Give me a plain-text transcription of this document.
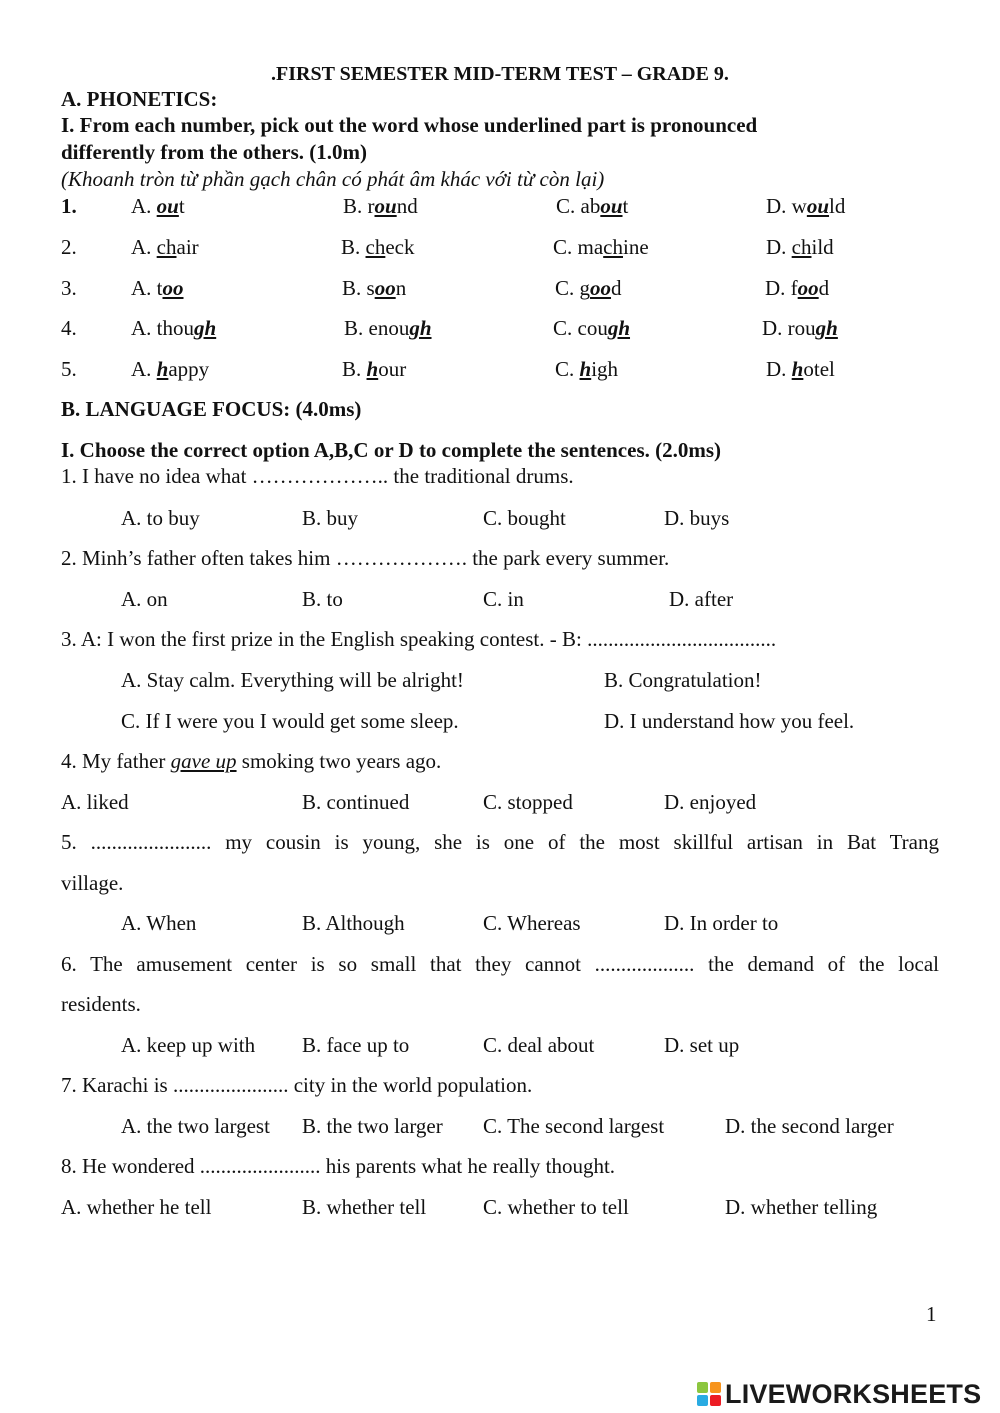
.FIRST SEMESTER MID-TERM TEST – GRADE 9.
A. PHONETICS:
I. From each number, pick out the word whose underlined part is pronounced
differently from the others. (1.0m)
(Khoanh tròn từ phần gạch chân có phát âm khác với từ còn lại)
1.	A. out	B. round	C. about	D. would
2.	A. chair	B. check	C. machine	D. child
3.	A. too	B. soon	C. good	D. food
4.	A. though	B. enough	C. cough	D. rough
5.	A. happy	B. hour	C. high	D. hotel
B. LANGUAGE FOCUS: (4.0ms)
I. Choose the correct option A,B,C or D to complete the sentences. (2.0ms)
1. I have no idea what ……………….. the traditional drums.
A. to buy	B. buy	C. bought	D. buys
2. Minh’s father often takes him ………………. the park every summer.
A. on	B. to	C. in	D. after
3. A: I won the first prize in the English speaking contest. - B: ....................................
A. Stay calm. Everything will be alright!	B. Congratulation!
C. If I were you I would get some sleep.	D. I understand how you feel.
4. My father gave up smoking two years ago.
A. liked	B. continued	C. stopped	D. enjoyed
5. ....................... my cousin is young, she is one of the most skillful artisan in Bat Trang
village.
A. When	B. Although	C. Whereas	D. In order to
6. The amusement center is so small that they cannot ................... the demand of the local
residents.
A. keep up with B. face up to	C. deal about	D. set up
7. Karachi is ...................... city in the world population.
A. the two largest B. the two larger C. The second largest	D. the second larger
8. He wondered ....................... his parents what he really thought.
A. whether he tell	B. whether tell	C. whether to tell	D. whether telling
1
LIVEWORKSHEETS
